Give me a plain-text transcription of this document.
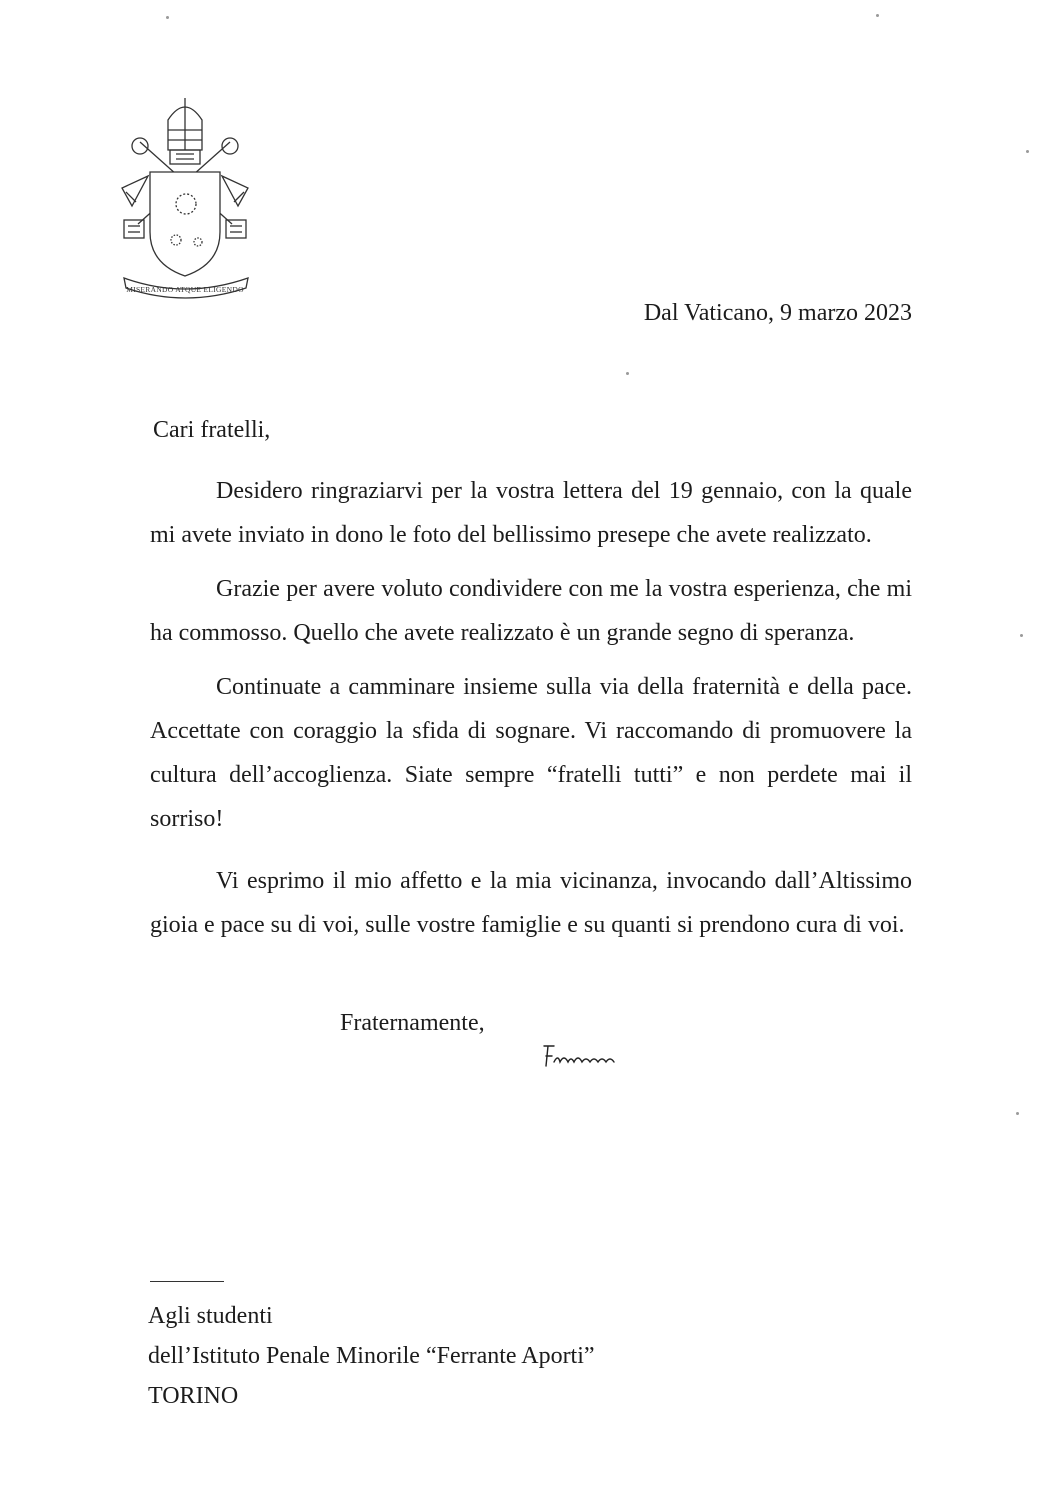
MISERANDO ATQUE ELIGENDO
Dal Vaticano, 9 marzo 2023
Cari fratelli,

Desidero ringraziarvi per la vostra lettera del 19 gennaio, con la quale mi avete inviato in dono le foto del bellissimo presepe che avete realizzato.

Grazie per avere voluto condividere con me la vostra esperienza, che mi ha commosso. Quello che avete realizzato è un grande segno di speranza.

Continuate a camminare insieme sulla via della fraternità e della pace. Accettate con coraggio la sfida di sognare. Vi raccomando di promuovere la cultura dell’accoglienza. Siate sempre “fratelli tutti” e non perdete mai il sorriso!

Vi esprimo il mio affetto e la mia vicinanza, invocando dall’Altissimo gioia e pace su di voi, sulle vostre famiglie e su quanti si prendono cura di voi.

Fraternamente,
Agli studenti
dell’Istituto Penale Minorile “Ferrante Aporti”
TORINO
